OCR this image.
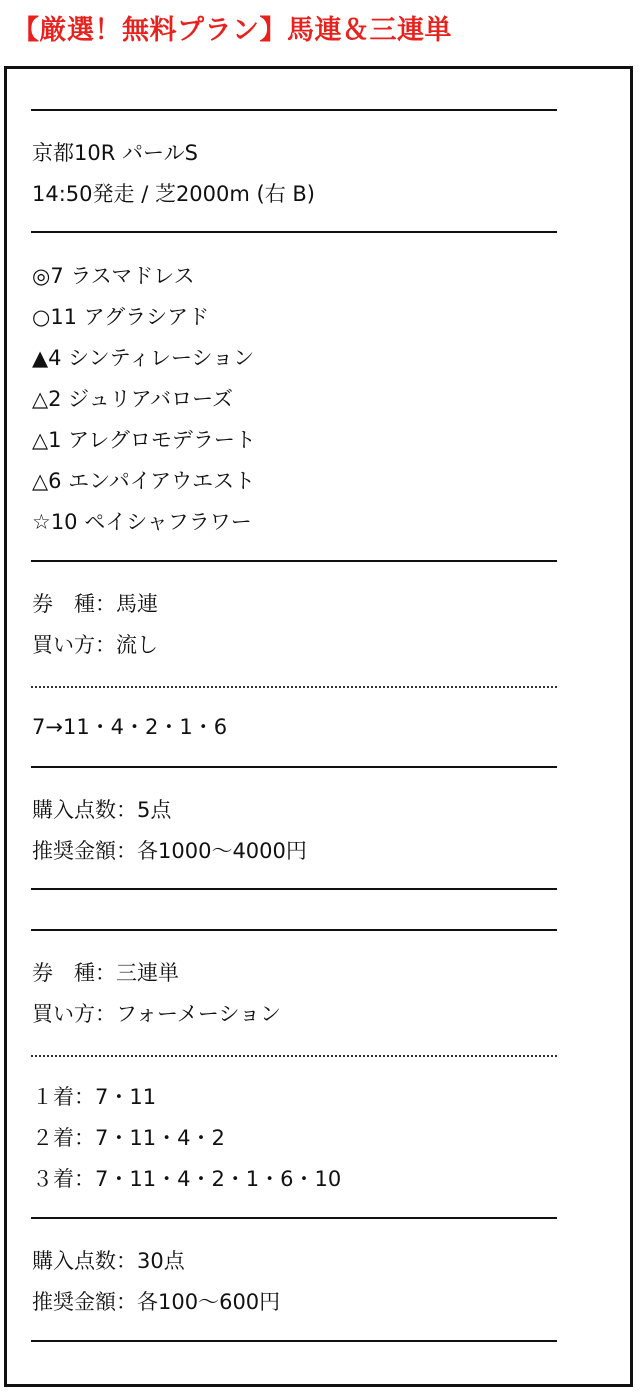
【厳選！無料プラン】馬連＆三連単
京都10R パールS
14:50発走 / 芝2000m (右 B)
◎7 ラスマドレス
○11 アグラシアド
▲4 シンティレーション
△2 ジュリアバローズ
△1 アレグロモデラート
△6 エンパイアウエスト
☆10 ペイシャフラワー
券　種：馬連
買い方：流し
7→11・4・2・1・6
購入点数：5点
推奨金額：各1000〜4000円
券　種：三連単
買い方：フォーメーション
１着：7・11
２着：7・11・4・2
３着：7・11・4・2・1・6・10
購入点数：30点
推奨金額：各100〜600円
